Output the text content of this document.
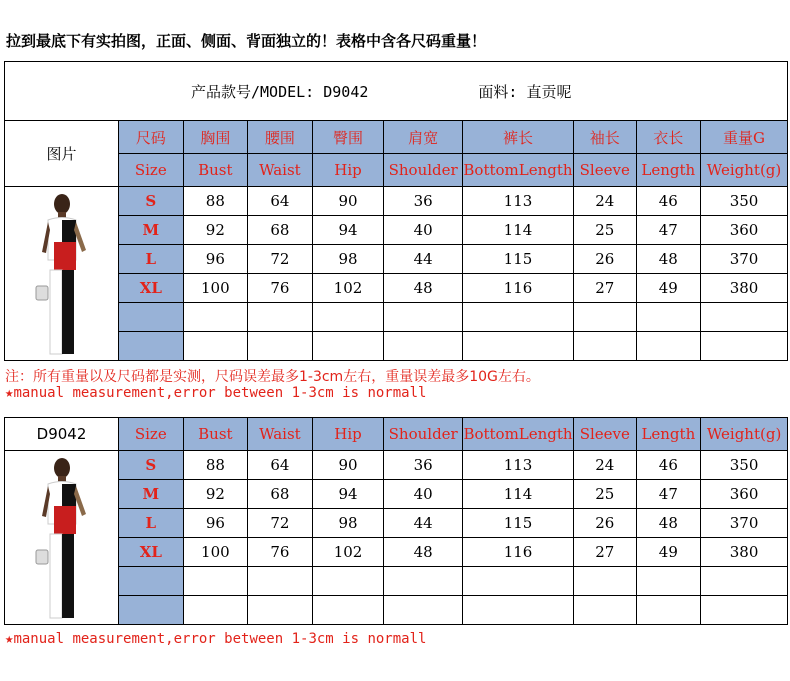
拉到最底下有实拍图，正面、侧面、背面独立的！表格中含各尺码重量！
产品款号/MODEL: D9042 面料: 直贡呢									

图片	尺码	胸围	腰围	臀围	肩宽	裤长	袖长	衣长	重量G
	Size	Bust	Waist	Hip	Shoulder	BottomLength	Sleeve	Length	Weight(g)

	S	88	64	90	36	113	24	46	350
	M	92	68	94	40	114	25	47	360
	L	96	72	98	44	115	26	48	370
	XL	100	76	102	48	116	27	49	380

注：所有重量以及尺码都是实测，尺码误差最多1-3cm左右，重量误差最多10G左右。
★manual measurement,error between 1-3cm is normall
D9042	Size	Bust	Waist	Hip	Shoulder	BottomLength	Sleeve	Length	Weight(g)

	S	88	64	90	36	113	24	46	350
	M	92	68	94	40	114	25	47	360
	L	96	72	98	44	115	26	48	370
	XL	100	76	102	48	116	27	49	380

★manual measurement,error between 1-3cm is normall
